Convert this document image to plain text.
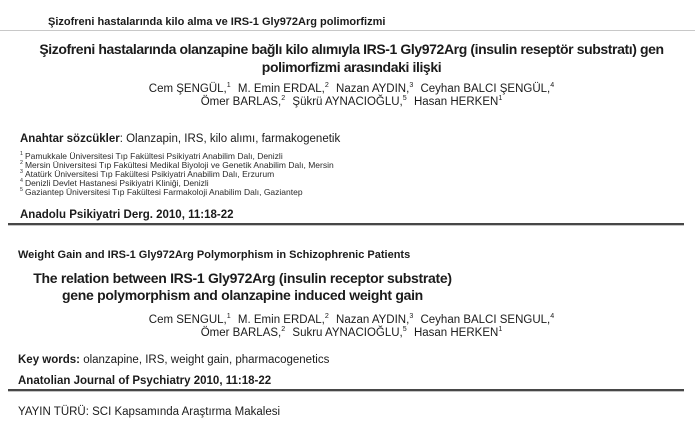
Şizofreni hastalarında kilo alma ve IRS-1 Gly972Arg polimorfizmi
Şizofreni hastalarında olanzapine bağlı kilo alımıyla IRS-1 Gly972Arg (insulin reseptör substratı) gen
polimorfizmi arasındaki ilişki
Cem ŞENGÜL,$^1$ M. Emin ERDAL,$^2$ Nazan AYDIN,$^3$ Ceyhan BALCI ŞENGÜL,$^4$
Ömer BARLAS,$^2$ Şükrü AYNACIOĞLU,$^5$ Hasan HERKEN$^1$
Anahtar sözcükler: Olanzapin, IRS, kilo alımı, farmakogenetik
$^1$ Pamukkale Üniversitesi Tıp Fakültesi Psikiyatri Anabilim Dalı, Denizli
$^2$ Mersin Üniversitesi Tıp Fakültesi Medikal Biyoloji ve Genetik Anabilim Dalı, Mersin
$^3$ Atatürk Üniversitesi Tıp Fakültesi Psikiyatri Anabilim Dalı, Erzurum
$^4$ Denizli Devlet Hastanesi Psikiyatri Kliniği, Denizli
$^5$ Gaziantep Üniversitesi Tıp Fakültesi Farmakoloji Anabilim Dalı, Gaziantep
Anadolu Psikiyatri Derg. 2010, 11:18-22
Weight Gain and IRS-1 Gly972Arg Polymorphism in Schizophrenic Patients
The relation between IRS-1 Gly972Arg (insulin receptor substrate)
gene polymorphism and olanzapine induced weight gain
Cem SENGUL,$^1$ M. Emin ERDAL,$^2$ Nazan AYDIN,$^3$ Ceyhan BALCI SENGUL,$^4$
Ömer BARLAS,$^2$ Sukru AYNACIOĞLU,$^5$ Hasan HERKEN$^1$
Key words: olanzapine, IRS, weight gain, pharmacogenetics
Anatolian Journal of Psychiatry 2010, 11:18-22
YAYIN TÜRÜ: SCI Kapsamında Araştırma Makalesi
